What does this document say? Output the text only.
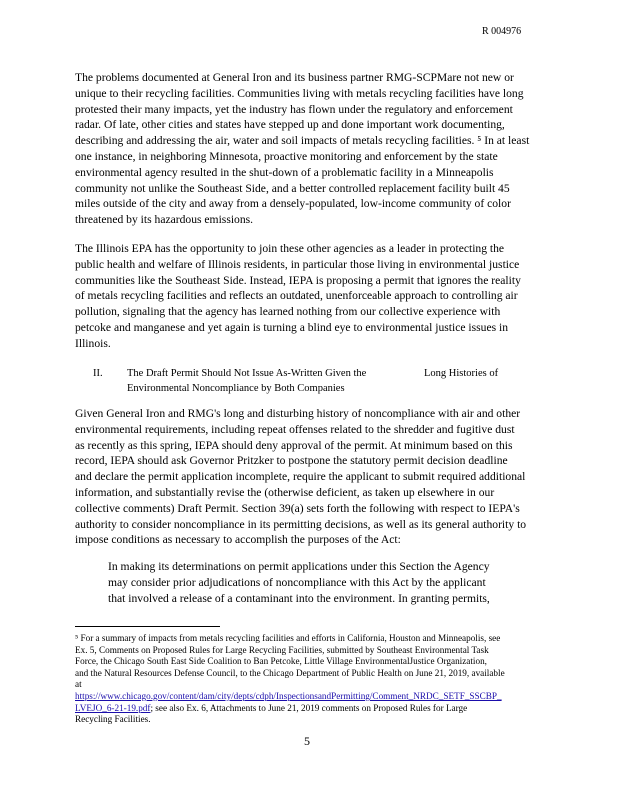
R 004976
The problems documented at General Iron and its business partner RMG-SCPMare not new or
unique to their recycling facilities. Communities living with metals recycling facilities have long
protested their many impacts, yet the industry has flown under the regulatory and enforcement
radar. Of late, other cities and states have stepped up and done important work documenting,
describing and addressing the air, water and soil impacts of metals recycling facilities. ⁵ In at least
one instance, in neighboring Minnesota, proactive monitoring and enforcement by the state
environmental agency resulted in the shut-down of a problematic facility in a Minneapolis
community not unlike the Southeast Side, and a better controlled replacement facility built 45
miles outside of the city and away from a densely-populated, low-income community of color
threatened by its hazardous emissions.
The Illinois EPA has the opportunity to join these other agencies as a leader in protecting the
public health and welfare of Illinois residents, in particular those living in environmental justice
communities like the Southeast Side. Instead, IEPA is proposing a permit that ignores the reality
of metals recycling facilities and reflects an outdated, unenforceable approach to controlling air
pollution, signaling that the agency has learned nothing from our collective experience with
petcoke and manganese and yet again is turning a blind eye to environmental justice issues in
Illinois.
II. The Draft Permit Should Not Issue As-Written Given the	Long Histories of
Environmental Noncompliance by Both Companies
Given General Iron and RMG's long and disturbing history of noncompliance with air and other
environmental requirements, including repeat offenses related to the shredder and fugitive dust
as recently as this spring, IEPA should deny approval of the permit. At minimum based on this
record, IEPA should ask Governor Pritzker to postpone the statutory permit decision deadline
and declare the permit application incomplete, require the applicant to submit required additional
information, and substantially revise the (otherwise deficient, as taken up elsewhere in our
collective comments) Draft Permit. Section 39(a) sets forth the following with respect to IEPA's
authority to consider noncompliance in its permitting decisions, as well as its general authority to
impose conditions as necessary to accomplish the purposes of the Act:
In making its determinations on permit applications under this Section the Agency
may consider prior adjudications of noncompliance with this Act by the applicant
that involved a release of a contaminant into the environment. In granting permits,
⁵ For a summary of impacts from metals recycling facilities and efforts in California, Houston and Minneapolis, see
Ex. 5, Comments on Proposed Rules for Large Recycling Facilities, submitted by Southeast Environmental Task
Force, the Chicago South East Side Coalition to Ban Petcoke, Little Village EnvironmentalJustice Organization,
and the Natural Resources Defense Council, to the Chicago Department of Public Health on June 21, 2019, available
at
https://www.chicago.gov/content/dam/city/depts/cdph/InspectionsandPermitting/Comment_NRDC_SETF_SSCBP_
LVEJO_6-21-19.pdf; see also Ex. 6, Attachments to June 21, 2019 comments on Proposed Rules for Large
Recycling Facilities.
5
